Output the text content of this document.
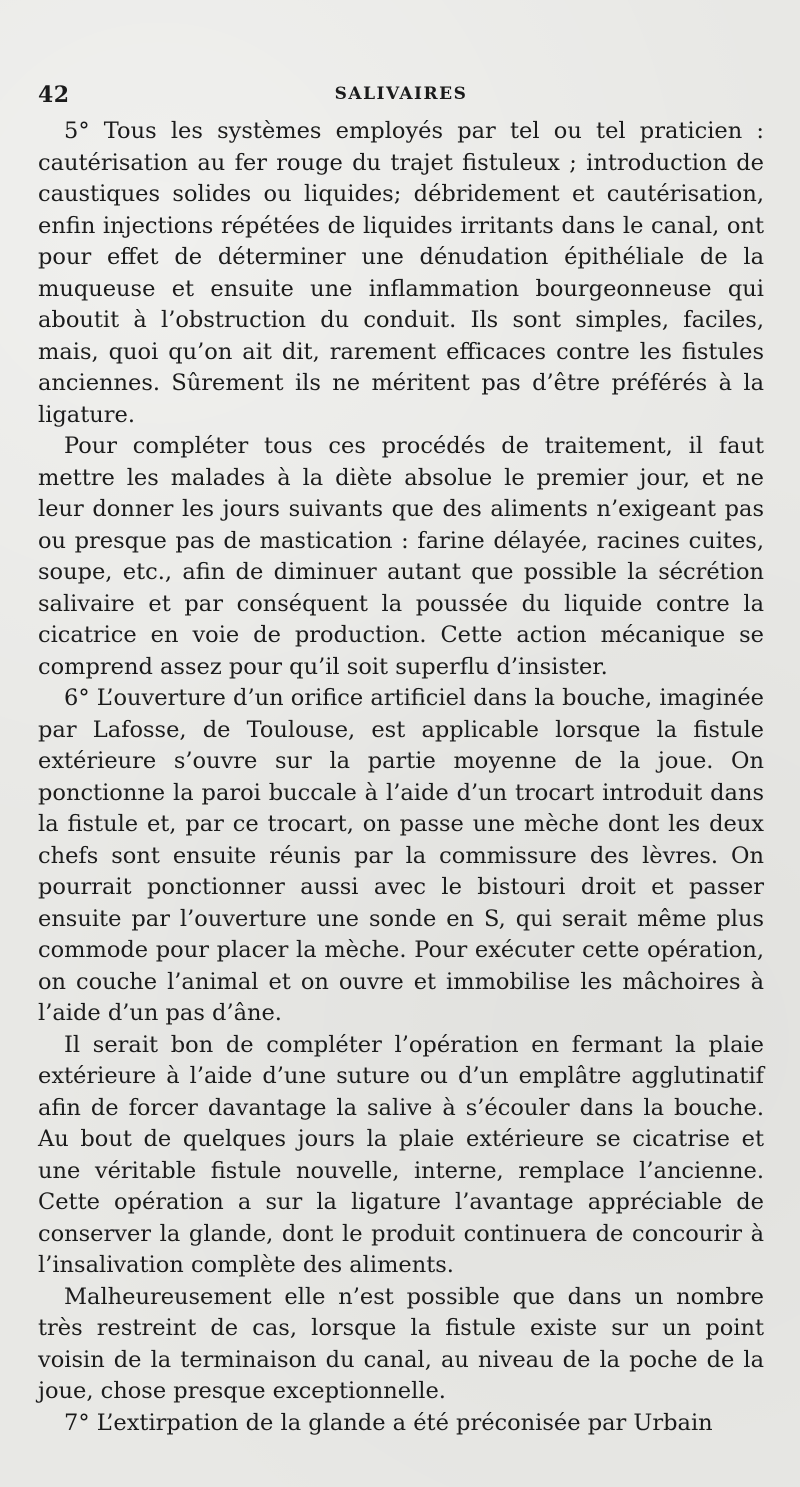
42	SALIVAIRES

5° Tous les systèmes employés par tel ou tel praticien : cautérisation au fer rouge du trajet fistuleux ; introduction de caustiques solides ou liquides; débridement et cautérisation, enfin injections répétées de liquides irritants dans le canal, ont pour effet de déterminer une dénudation épithéliale de la muqueuse et ensuite une inflammation bourgeonneuse qui aboutit à l’obstruction du conduit. Ils sont simples, faciles, mais, quoi qu’on ait dit, rarement efficaces contre les fistules anciennes. Sûrement ils ne méritent pas d’être préférés à la ligature.

Pour compléter tous ces procédés de traitement, il faut mettre les malades à la diète absolue le premier jour, et ne leur donner les jours suivants que des aliments n’exigeant pas ou presque pas de mastication : farine délayée, racines cuites, soupe, etc., afin de diminuer autant que possible la sécrétion salivaire et par conséquent la poussée du liquide contre la cicatrice en voie de production. Cette action mécanique se comprend assez pour qu’il soit superflu d’insister.

6° L’ouverture d’un orifice artificiel dans la bouche, imaginée par Lafosse, de Toulouse, est applicable lorsque la fistule extérieure s’ouvre sur la partie moyenne de la joue. On ponctionne la paroi buccale à l’aide d’un trocart introduit dans la fistule et, par ce trocart, on passe une mèche dont les deux chefs sont ensuite réunis par la commissure des lèvres. On pourrait ponctionner aussi avec le bistouri droit et passer ensuite par l’ouverture une sonde en S, qui serait même plus commode pour placer la mèche. Pour exécuter cette opération, on couche l’animal et on ouvre et immobilise les mâchoires à l’aide d’un pas d’âne.

Il serait bon de compléter l’opération en fermant la plaie extérieure à l’aide d’une suture ou d’un emplâtre agglutinatif afin de forcer davantage la salive à s’écouler dans la bouche. Au bout de quelques jours la plaie extérieure se cicatrise et une véritable fistule nouvelle, interne, remplace l’ancienne. Cette opération a sur la ligature l’avantage appréciable de conserver la glande, dont le produit continuera de concourir à l’insalivation complète des aliments.

Malheureusement elle n’est possible que dans un nombre très restreint de cas, lorsque la fistule existe sur un point voisin de la terminaison du canal, au niveau de la poche de la joue, chose presque exceptionnelle.

7° L’extirpation de la glande a été préconisée par Urbain
